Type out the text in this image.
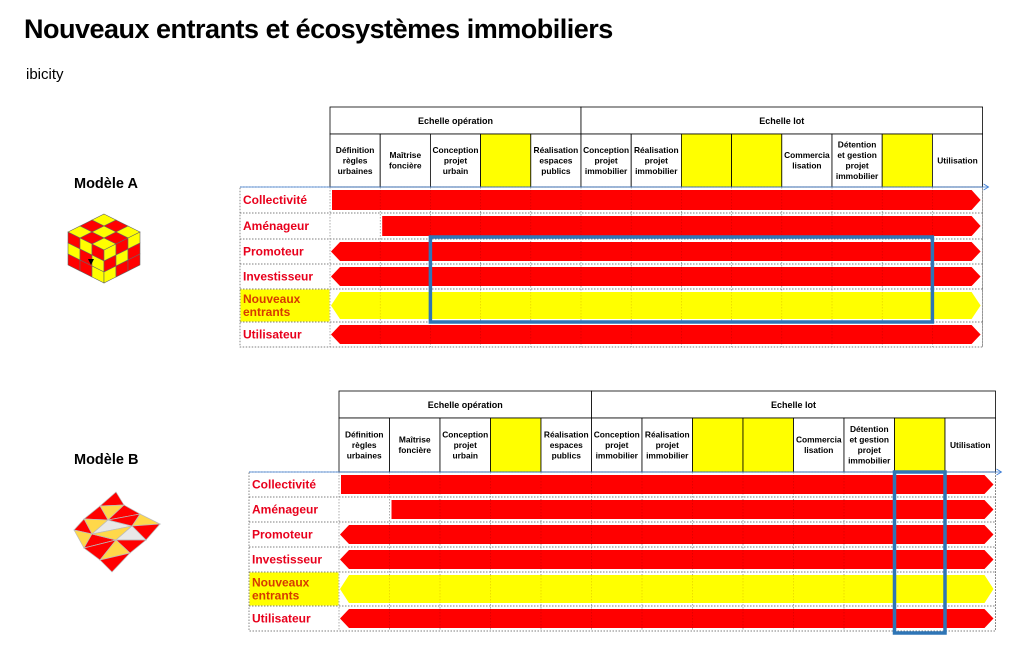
Nouveaux entrants et écosystèmes immobiliers
ibicity
Modèle A
Modèle B
Echelle opération	Echelle lot
Définition règles urbaines
Maîtrise foncière
Conception projet urbain
Réalisation espaces publics
Conception projet immobilier
Réalisation projet immobilier
Commercia lisation
Détention et gestion projet immobilier
Utilisation
Collectivité
Aménageur
Promoteur
Investisseur
Nouveaux entrants
Utilisateur
Echelle opération	Echelle lot
Définition règles urbaines
Maîtrise foncière
Conception projet urbain
Réalisation espaces publics
Conception projet immobilier
Réalisation projet immobilier
Commercia lisation
Détention et gestion projet immobilier
Utilisation
Collectivité
Aménageur
Promoteur
Investisseur
Nouveaux entrants
Utilisateur
